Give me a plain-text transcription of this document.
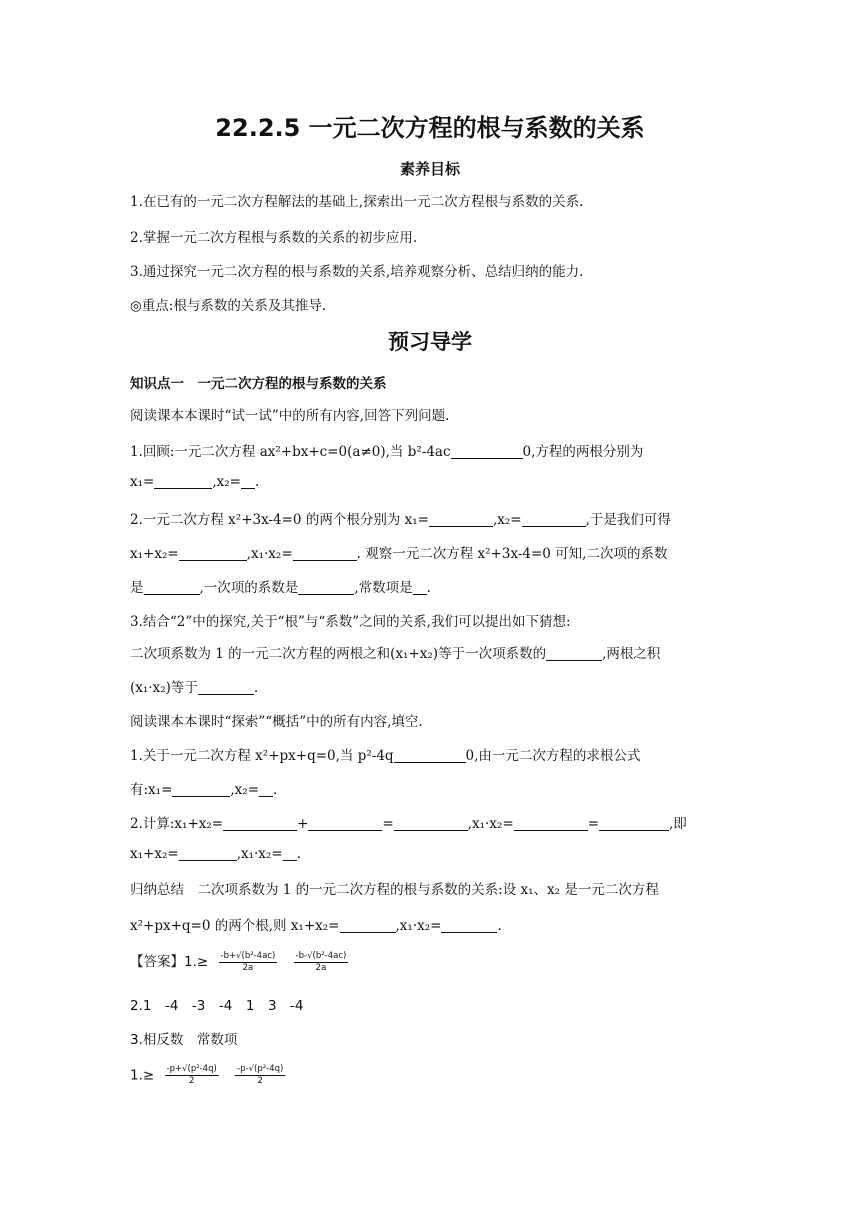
22.2.5 一元二次方程的根与系数的关系
素养目标
1.在已有的一元二次方程解法的基础上,探索出一元二次方程根与系数的关系.
2.掌握一元二次方程根与系数的关系的初步应用.
3.通过探究一元二次方程的根与系数的关系,培养观察分析、总结归纳的能力.
◎重点:根与系数的关系及其推导.
预习导学
知识点一　一元二次方程的根与系数的关系
阅读课本本课时“试一试”中的所有内容,回答下列问题.
1.回顾:一元二次方程 ax²+bx+c=0(a≠0),当 b²-4ac	0,方程的两根分别为
x₁=	,x₂= .
2.一元二次方程 x²+3x-4=0 的两个根分别为 x₁=	,x₂=	,于是我们可得
x₁+x₂=	,x₁·x₂=	. 观察一元二次方程 x²+3x-4=0 可知,二次项的系数
是	,一次项的系数是	,常数项是 .
3.结合“2”中的探究,关于“根”与“系数”之间的关系,我们可以提出如下猜想:
二次项系数为 1 的一元二次方程的两根之和(x₁+x₂)等于一次项系数的	,两根之积
(x₁·x₂)等于	.
阅读课本本课时“探索”“概括”中的所有内容,填空.
1.关于一元二次方程 x²+px+q=0,当 p²-4q	0,由一元二次方程的求根公式
有:x₁=	,x₂= .
2.计算:x₁+x₂=	+	=	,x₁·x₂=	=	,即
x₁+x₂=	,x₁·x₂= .
归纳总结　二次项系数为 1 的一元二次方程的根与系数的关系:设 x₁、x₂ 是一元二次方程
x²+px+q=0 的两个根,则 x₁+x₂=	,x₁·x₂=	.
【答案】$1.\ge \frac{\text{-b+√(b²-4ac)}}{2a}$
$\frac{\text{-b-√(b²-4ac)}}{2a}$
2.1　-4　-3　-4　1　3　-4
3.相反数　常数项
$1.\ge \frac{\text{-p+√(p²-4q)}}{2}$
$\frac{\text{-p-√(p²-4q)}}{2}$
